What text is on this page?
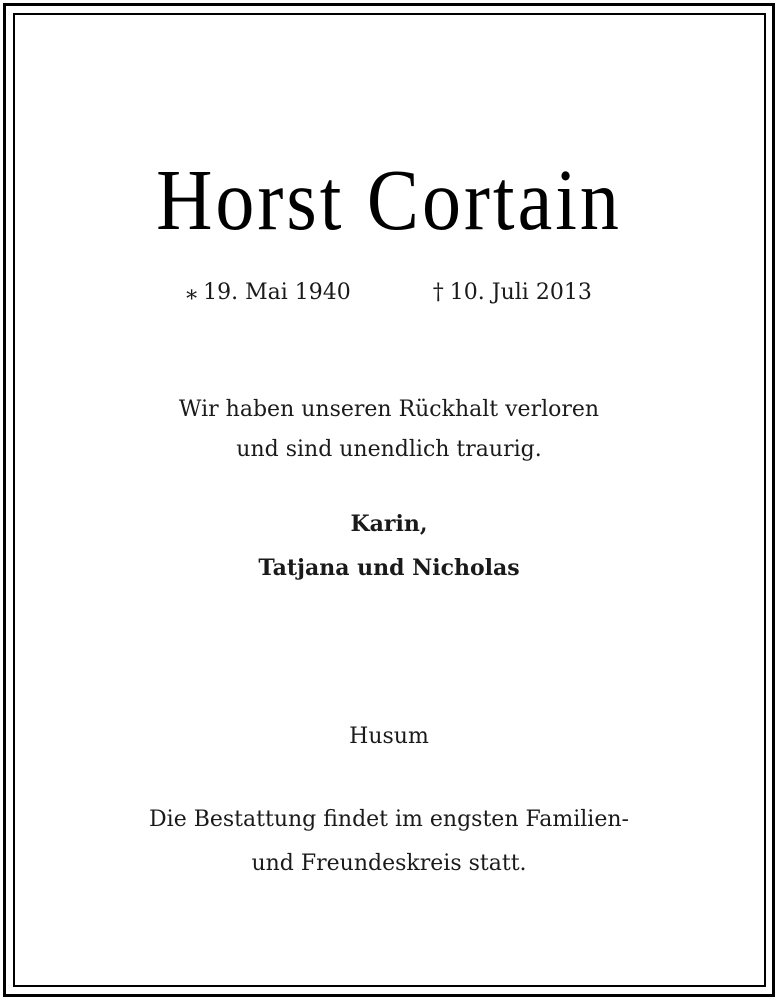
Horst Cortain
⁎ 19. Mai 1940	† 10. Juli 2013
Wir haben unseren Rückhalt verloren
und sind unendlich traurig.
Karin,
Tatjana und Nicholas
Husum
Die Bestattung findet im engsten Familien-
und Freundeskreis statt.
